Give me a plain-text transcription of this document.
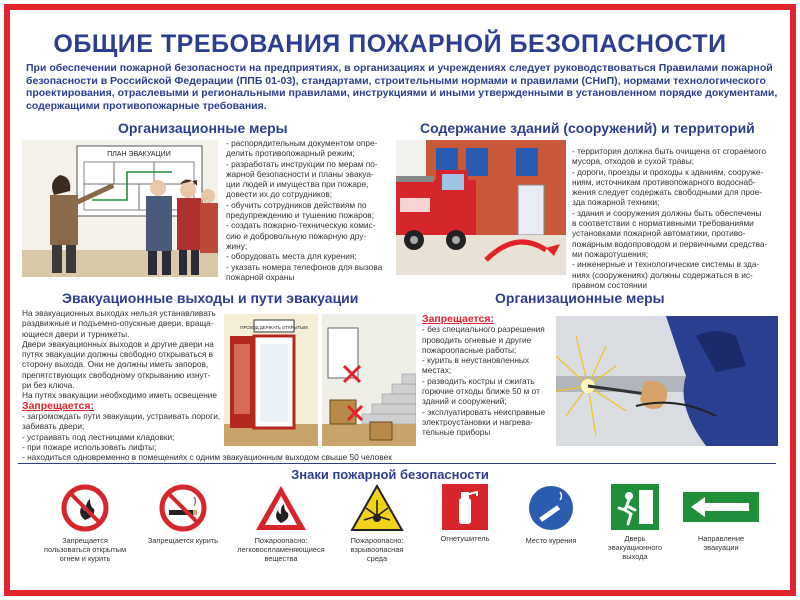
ОБЩИЕ ТРЕБОВАНИЯ ПОЖАРНОЙ БЕЗОПАСНОСТИ
При обеспечении пожарной безопасности на предприятиях, в организациях и учреждениях следует руководствоваться Правилами пожарной безопасности в Российской Федерации (ППБ 01-03), стандартами, строительными нормами и правилами (СНиП), нормами технологического проектирования, отраслевыми и региональными правилами, инструкциями и иными утвержденными в установленном порядке документами, содержащими противопожарные требования.
Организационные меры
ПЛАН ЭВАКУАЦИИ
- распорядительным документом опре-
делить противопожарный режим;
- разработать инструкции по мерам по-
жарной безопасности и планы эвакуа-
ции людей и имущества при пожаре,
довести их до сотрудников;
- обучить сотрудников действиям по
предупреждению и тушению пожаров;
- создать пожарно-техническую комис-
сию и добровольную пожарную дру-
жину;
- оборудовать места для курения;
- указать номера телефонов для вызова
пожарной охраны
Содержание зданий (сооружений) и территорий
- территория должна быть очищена от сгораемого
мусора, отходов и сухой травы;
- дороги, проезды и проходы к зданиям, сооруже-
ниям, источникам противопожарного водоснаб-
жения следует содержать свободными для прое-
зда пожарной техники;
- здания и сооружения должны быть обеспечены
в соответствии с нормативными требованиями
установками пожарной автоматики, противо-
пожарным водопроводом и первичными средства-
ми пожаротушения;
- инженерные и технологические системы в зда-
ниях (сооружениях) должны содержаться в ис-
правном состоянии
Эвакуационные выходы и пути эвакуации
На эвакуационных выходах нельзя устанавливать
раздвижные и подъемно-опускные двери, враща-
ющиеся двери и турникеты.
Двери эвакуационных выходов и другие двери на
путях эвакуации должны свободно открываться в
сторону выхода. Они не должны иметь запоров,
препятствующих свободному открыванию изнут-
ри без ключа.
На путях эвакуации необходимо иметь освещение
Запрещается:
- загромождать пути эвакуации, устраивать пороги,
забивать двери;
- устраивать под лестницами кладовки;
- при пожаре использовать лифты;
- находиться одновременно в помещениях с одним эвакуационным выходом свыше 50 человек
ПРОХОД ДЕРЖАТЬ ОТКРЫТЫМ
Организационные меры
Запрещается:
- без специального разрешения
проводить огневые и другие
пожароопасные работы;
- курить в неустановленных
местах;
- разводить костры и сжигать
горючие отходы ближе 50 м от
зданий и сооружений;
- эксплуатировать неисправные
электроустановки и нагрева-
тельные приборы
Знаки пожарной безопасности
Запрещается
пользоваться открытым
огнем и курить
Запрещается курить	Пожароопасно:
легковоспламеняющиеся
вещества
Пожароопасно:
взрывоопасная
среда
Огнетушитель	Место курения	Дверь
эвакуационного
выхода
Направление
эвакуации
